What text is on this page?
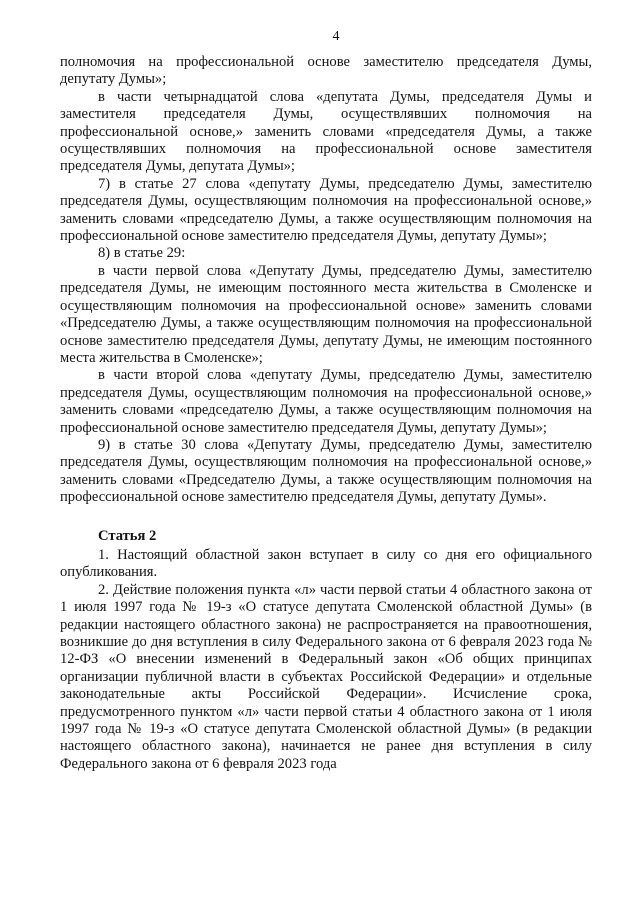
4

полномочия на профессиональной основе заместителю председателя Думы, депутату Думы»;

в части четырнадцатой слова «депутата Думы, председателя Думы и заместителя председателя Думы, осуществлявших полномочия на профессиональной основе,» заменить словами «председателя Думы, а также осуществлявших полномочия на профессиональной основе заместителя председателя Думы, депутата Думы»;

7) в статье 27 слова «депутату Думы, председателю Думы, заместителю председателя Думы, осуществляющим полномочия на профессиональной основе,» заменить словами «председателю Думы, а также осуществляющим полномочия на профессиональной основе заместителю председателя Думы, депутату Думы»;

8) в статье 29:

в части первой слова «Депутату Думы, председателю Думы, заместителю председателя Думы, не имеющим постоянного места жительства в Смоленске и осуществляющим полномочия на профессиональной основе» заменить словами «Председателю Думы, а также осуществляющим полномочия на профессиональной основе заместителю председателя Думы, депутату Думы, не имеющим постоянного места жительства в Смоленске»;

в части второй слова «депутату Думы, председателю Думы, заместителю председателя Думы, осуществляющим полномочия на профессиональной основе,» заменить словами «председателю Думы, а также осуществляющим полномочия на профессиональной основе заместителю председателя Думы, депутату Думы»;

9) в статье 30 слова «Депутату Думы, председателю Думы, заместителю председателя Думы, осуществляющим полномочия на профессиональной основе,» заменить словами «Председателю Думы, а также осуществляющим полномочия на профессиональной основе заместителю председателя Думы, депутату Думы».

Статья 2

1. Настоящий областной закон вступает в силу со дня его официального опубликования.

2. Действие положения пункта «л» части первой статьи 4 областного закона от 1 июля 1997 года № 19-з «О статусе депутата Смоленской областной Думы» (в редакции настоящего областного закона) не распространяется на правоотношения, возникшие до дня вступления в силу Федерального закона от 6 февраля 2023 года № 12-ФЗ «О внесении изменений в Федеральный закон «Об общих принципах организации публичной власти в субъектах Российской Федерации» и отдельные законодательные акты Российской Федерации». Исчисление срока, предусмотренного пунктом «л» части первой статьи 4 областного закона от 1 июля 1997 года № 19-з «О статусе депутата Смоленской областной Думы» (в редакции настоящего областного закона), начинается не ранее дня вступления в силу Федерального закона от 6 февраля 2023 года
